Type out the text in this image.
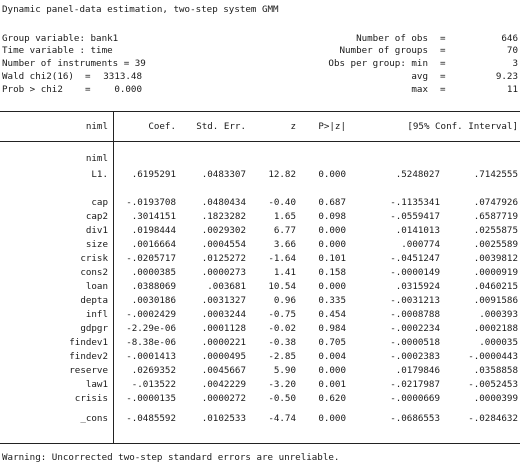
Dynamic panel-data estimation, two-step system GMM
Group variable: bank1
Time variable : time
Number of instruments = 39
Wald chi2(16)  =	3313.48
Prob > chi2    =	0.000
Number of obs =	646
Number of groups =	70
Obs per group: min =	3
avg =	9.23
max =	11
niml	Coef.	Std. Err.	z	P>|z|	[95% Conf. Interval]
niml
L1.	.6195291	.0483307	12.82	0.000	.5248027	.7142555
cap	-.0193708	.0480434	-0.40	0.687	-.1135341	.0747926
cap2	.3014151	.1823282	1.65	0.098	-.0559417	.6587719
div1	.0198444	.0029302	6.77	0.000	.0141013	.0255875
size	.0016664	.0004554	3.66	0.000	.000774	.0025589
crisk	-.0205717	.0125272	-1.64	0.101	-.0451247	.0039812
cons2	.0000385	.0000273	1.41	0.158	-.0000149	.0000919
loan	.0388069	.003681	10.54	0.000	.0315924	.0460215
depta	.0030186	.0031327	0.96	0.335	-.0031213	.0091586
infl	-.0002429	.0003244	-0.75	0.454	-.0008788	.000393
gdpgr	-2.29e-06	.0001128	-0.02	0.984	-.0002234	.0002188
findev1	-8.38e-06	.0000221	-0.38	0.705	-.0000518	.000035
findev2	-.0001413	.0000495	-2.85	0.004	-.0002383	-.0000443
reserve	.0269352	.0045667	5.90	0.000	.0179846	.0358858
law1	-.013522	.0042229	-3.20	0.001	-.0217987	-.0052453
crisis	-.0000135	.0000272	-0.50	0.620	-.0000669	.0000399
_cons	-.0485592	.0102533	-4.74	0.000	-.0686553	-.0284632
Warning: Uncorrected two-step standard errors are unreliable.
